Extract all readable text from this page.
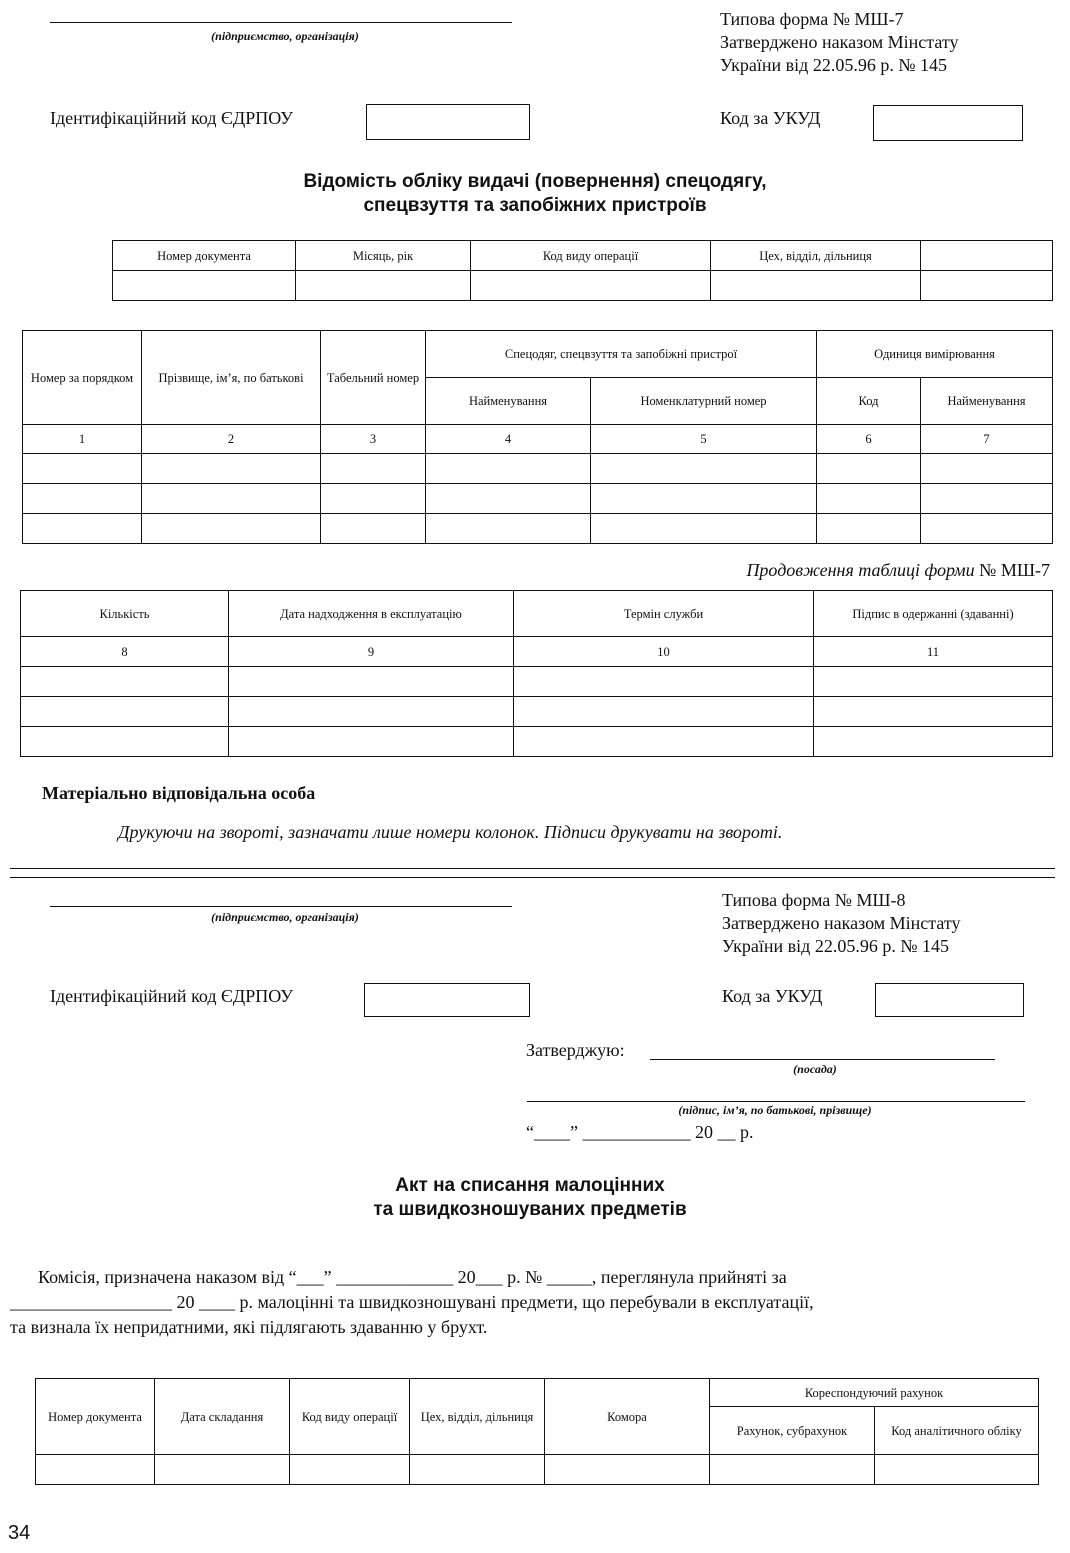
(підприємство, організація)
Типова форма № МШ-7
Затверджено наказом Мінстату
України від 22.05.96 р. № 145
Ідентифікаційний код ЄДРПОУ	Код за УКУД
Відомість обліку видачі (повернення) спецодягу,
спецвзуття та запобіжних пристроїв
Номер документа	Місяць, рік	Код виду операції	Цех, відділ, дільниця	

Номер за порядком	Прізвище, ім’я, по батькові	Табельний номер	Спецодяг, спецвзуття та запобіжні пристрої		Одиниця вимірювання	
			Найменування	Номенклатурний номер	Код	Найменування
1	2	3	4	5	6	7

Продовження таблиці форми № МШ-7
Кількість	Дата надходження в експлуатацію	Термін служби	Підпис в одержанні (здаванні)
8	9	10	11

Матеріально відповідальна особа
Друкуючи на звороті, зазначати лише номери колонок. Підписи друкувати на звороті.
(підприємство, організація)
Типова форма № МШ-8
Затверджено наказом Мінстату
України від 22.05.96 р. № 145
Ідентифікаційний код ЄДРПОУ	Код за УКУД
Затверджую:
(посада)
(підпис, ім’я, по батькові, прізвище)
“____” ____________ 20 __ р.
Акт на списання малоцінних
та швидкозношуваних предметів
Комісія, призначена наказом від “___” _____________ 20___ р. № _____, переглянула прийняті за
__________________ 20 ____ р. малоцінні та швидкозношувані предмети, що перебували в експлуатації,
та визнала їх непридатними, які підлягають здаванню у брухт.
Номер документа	Дата складання	Код виду операції	Цех, відділ, дільниця	Комора	Кореспондуючий рахунок	
					Рахунок, субрахунок	Код аналітичного обліку

34
